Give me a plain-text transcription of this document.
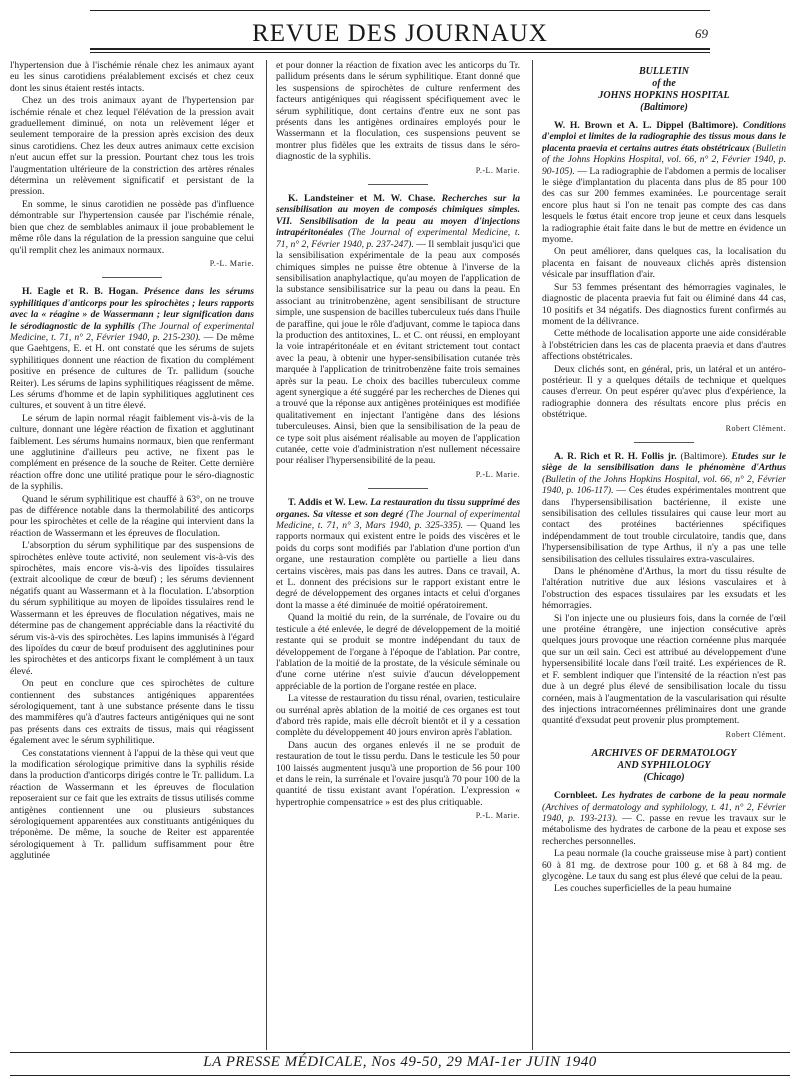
REVUE DES JOURNAUX	69

l'hypertension due à l'ischémie rénale chez les animaux ayant eu les sinus carotidiens préalablement excisés et chez ceux dont les sinus étaient restés intacts.

Chez un des trois animaux ayant de l'hypertension par ischémie rénale et chez lequel l'élévation de la pression avait graduellement diminué, on nota un relèvement léger et seulement temporaire de la pression après excision des deux sinus carotidiens. Chez les deux autres animaux cette excision n'eut aucun effet sur la pression. Pourtant chez tous les trois l'augmentation ultérieure de la constriction des artères rénales détermina un relèvement significatif et persistant de la pression.

En somme, le sinus carotidien ne possède pas d'influence démontrable sur l'hypertension causée par l'ischémie rénale, bien que chez de semblables animaux il joue probablement le même rôle dans la régulation de la pression sanguine que celui qu'il remplit chez les animaux normaux.

P.-L. Marie.

H. Eagle et R. B. Hogan. Présence dans les sérums syphilitiques d'anticorps pour les spirochètes ; leurs rapports avec la « réagine » de Wassermann ; leur signification dans le sérodiagnostic de la syphilis (The Journal of experimental Medicine, t. 71, n° 2, Février 1940, p. 215-230). — De même que Gaehtgens, E. et H. ont constaté que les sérums de sujets syphilitiques donnent une réaction de fixation du complément positive en présence de cultures de Tr. pallidum (souche Reiter). Les sérums de lapins syphilitiques réagissent de même. Les sérums d'homme et de lapin syphilitiques agglutinent ces cultures, et souvent à un titre élevé.

Le sérum de lapin normal réagit faiblement vis-à-vis de la culture, donnant une légère réaction de fixation et agglutinant faiblement. Les sérums humains normaux, bien que renfermant une agglutinine d'ailleurs peu active, ne fixent pas le complément en présence de la souche de Reiter. Cette dernière réaction offre donc une utilité pratique pour le séro-diagnostic de la syphilis.

Quand le sérum syphilitique est chauffé à 63°, on ne trouve pas de différence notable dans la thermolabilité des anticorps pour les spirochètes et celle de la réagine qui intervient dans la réaction de Wassermann et les épreuves de floculation.

L'absorption du sérum syphilitique par des suspensions de spirochètes enlève toute activité, non seulement vis-à-vis des spirochètes, mais encore vis-à-vis des lipoïdes tissulaires (extrait alcoolique de cœur de bœuf) ; les sérums deviennent négatifs quant au Wassermann et à la floculation. L'absorption du sérum syphilitique au moyen de lipoïdes tissulaires rend le Wassermann et les épreuves de floculation négatives, mais ne détermine pas de changement appréciable dans la réactivité du sérum vis-à-vis des spirochètes. Les lapins immunisés à l'égard des lipoïdes du cœur de bœuf produisent des agglutinines pour les spirochètes et des anticorps fixant le complément à un taux élevé.

On peut en conclure que ces spirochètes de culture contiennent des substances antigéniques apparentées sérologiquement, tant à une substance présente dans le tissu des mammifères qu'à d'autres facteurs antigéniques qui ne sont pas présents dans ces extraits de tissus, mais qui réagissent également avec le sérum syphilitique.

Ces constatations viennent à l'appui de la thèse qui veut que la modification sérologique primitive dans la syphilis réside dans la production d'anticorps dirigés contre le Tr. pallidum. La réaction de Wassermann et les épreuves de floculation reposeraient sur ce fait que les extraits de tissus utilisés comme antigènes contiennent une ou plusieurs substances sérologiquement apparentées aux constituants antigéniques du tréponème. De même, la souche de Reiter est apparentée sérologiquement à Tr. pallidum suffisamment pour être agglutinée

et pour donner la réaction de fixation avec les anticorps du Tr. pallidum présents dans le sérum syphilitique. Etant donné que les suspensions de spirochètes de culture renferment des facteurs antigéniques qui réagissent spécifiquement avec le sérum syphilitique, dont certains d'entre eux ne sont pas présents dans les antigènes ordinaires employés pour le Wassermann et la floculation, ces suspensions peuvent se montrer plus fidèles que les extraits de tissus dans le séro-diagnostic de la syphilis.

P.-L. Marie.

K. Landsteiner et M. W. Chase. Recherches sur la sensibilisation au moyen de composés chimiques simples. VII. Sensibilisation de la peau au moyen d'injections intrapéritonéales (The Journal of experimental Medicine, t. 71, n° 2, Février 1940, p. 237-247). — Il semblait jusqu'ici que la sensibilisation expérimentale de la peau aux composés chimiques simples ne puisse être obtenue à l'inverse de la sensibilisation anaphylactique, qu'au moyen de l'application de la substance sensibilisatrice sur la peau ou dans la peau. En associant au trinitrobenzène, agent sensibilisant de structure simple, une suspension de bacilles tuberculeux tués dans l'huile de paraffine, qui joue le rôle d'adjuvant, comme le tapioca dans la production des antitoxines, L. et C. ont réussi, en employant la voie intrapéritonéale et en évitant strictement tout contact avec la peau, à obtenir une hyper-sensibilisation cutanée très marquée à l'application de trinitrobenzène faite trois semaines après sur la peau. Le choix des bacilles tuberculeux comme agent synergique a été suggéré par les recherches de Dienes qui a trouvé que la réponse aux antigènes protéiniques est modifiée qualitativement en injectant l'antigène dans des lésions tuberculeuses. Ainsi, bien que la sensibilisation de la peau de ce type soit plus aisément réalisable au moyen de l'application cutanée, cette voie d'administration n'est nullement nécessaire pour réaliser l'hypersensibilité de la peau.

P.-L. Marie.

T. Addis et W. Lew. La restauration du tissu supprimé des organes. Sa vitesse et son degré (The Journal of experimental Medicine, t. 71, n° 3, Mars 1940, p. 325-335). — Quand les rapports normaux qui existent entre le poids des viscères et le poids du corps sont modifiés par l'ablation d'une portion d'un organe, une restauration complète ou partielle a lieu dans certains viscères, mais pas dans les autres. Dans ce travail, A. et L. donnent des précisions sur le rapport existant entre le degré de développement des organes intacts et celui d'organes dont la masse a été diminuée de moitié opératoirement.

Quand la moitié du rein, de la surrénale, de l'ovaire ou du testicule a été enlevée, le degré de développement de la moitié restante qui se produit se montre indépendant du taux de développement de l'organe à l'époque de l'ablation. Par contre, l'ablation de la moitié de la prostate, de la vésicule séminale ou d'une corne utérine n'est suivie d'aucun développement appréciable de la portion de l'organe restée en place.

La vitesse de restauration du tissu rénal, ovarien, testiculaire ou surrénal après ablation de la moitié de ces organes est tout d'abord très rapide, mais elle décroît bientôt et il y a cessation complète du développement 40 jours environ après l'ablation.

Dans aucun des organes enlevés il ne se produit de restauration de tout le tissu perdu. Dans le testicule les 50 pour 100 laissés augmentent jusqu'à une proportion de 56 pour 100 et dans le rein, la surrénale et l'ovaire jusqu'à 70 pour 100 de la quantité de tissu existant avant l'opération. L'expression « hypertrophie compensatrice » est des plus critiquable.

P.-L. Marie.
BULLETIN
of the
JOHNS HOPKINS HOSPITAL
(Baltimore)

W. H. Brown et A. L. Dippel (Baltimore). Conditions d'emploi et limites de la radiographie des tissus mous dans le placenta praevia et certains autres états obstétricaux (Bulletin of the Johns Hopkins Hospital, vol. 66, n° 2, Février 1940, p. 90-105). — La radiographie de l'abdomen a permis de localiser le siège d'implantation du placenta dans plus de 85 pour 100 des cas sur 200 femmes examinées. Le pourcentage serait encore plus haut si l'on ne tenait pas compte des cas dans lesquels le fœtus était encore trop jeune et ceux dans lesquels la radiographie était faite dans le but de mettre en évidence un myome.

On peut améliorer, dans quelques cas, la localisation du placenta en faisant de nouveaux clichés après distension vésicale par insufflation d'air.

Sur 53 femmes présentant des hémorragies vaginales, le diagnostic de placenta praevia fut fait ou éliminé dans 44 cas, 10 positifs et 34 négatifs. Des diagnostics furent confirmés au moment de la délivrance.

Cette méthode de localisation apporte une aide considérable à l'obstétricien dans les cas de placenta praevia et dans d'autres affections obstétricales.

Deux clichés sont, en général, pris, un latéral et un antéro-postérieur. Il y a quelques détails de technique et quelques causes d'erreur. On peut espérer qu'avec plus d'expérience, la radiographie donnera des résultats encore plus précis en obstétrique.

Robert Clément.

A. R. Rich et R. H. Follis jr. (Baltimore). Etudes sur le siège de la sensibilisation dans le phénomène d'Arthus (Bulletin of the Johns Hopkins Hospital, vol. 66, n° 2, Février 1940, p. 106-117). — Ces études expérimentales montrent que dans l'hypersensibilisation bactérienne, il existe une sensibilisation des cellules tissulaires qui cause leur mort au contact des protéines bactériennes spécifiques indépendamment de tout trouble circulatoire, tandis que, dans l'hypersensibilisation de type Arthus, il n'y a pas une telle sensibilisation des cellules tissulaires extra-vasculaires.

Dans le phénomène d'Arthus, la mort du tissu résulte de l'altération nutritive due aux lésions vasculaires et à l'obstruction des espaces tissulaires par les exsudats et les hémorragies.

Si l'on injecte une ou plusieurs fois, dans la cornée de l'œil une protéine étrangère, une injection consécutive après quelques jours provoque une réaction cornéenne plus marquée que sur un œil sain. Ceci est attribué au développement d'une hypersensibilité locale dans l'œil traité. Les expériences de R. et F. semblent indiquer que l'intensité de la réaction n'est pas due à un degré plus élevé de sensibilisation locale du tissu cornéen, mais à l'augmentation de la vascularisation qui résulte des injections intracornéennes préliminaires dont une grande quantité d'exsudat peut provenir plus promptement.

Robert Clément.
ARCHIVES OF DERMATOLOGY
AND SYPHILOLOGY
(Chicago)

Cornbleet. Les hydrates de carbone de la peau normale (Archives of dermatology and syphilology, t. 41, n° 2, Février 1940, p. 193-213). — C. passe en revue les travaux sur le métabolisme des hydrates de carbone de la peau et expose ses recherches personnelles.

La peau normale (la couche graisseuse mise à part) contient 60 à 81 mg. de dextrose pour 100 g. et 68 à 84 mg. de glycogène. Le taux du sang est plus élevé que celui de la peau.

Les couches superficielles de la peau humaine

LA PRESSE MÉDICALE, Nos 49-50, 29 MAI-1er JUIN 1940
